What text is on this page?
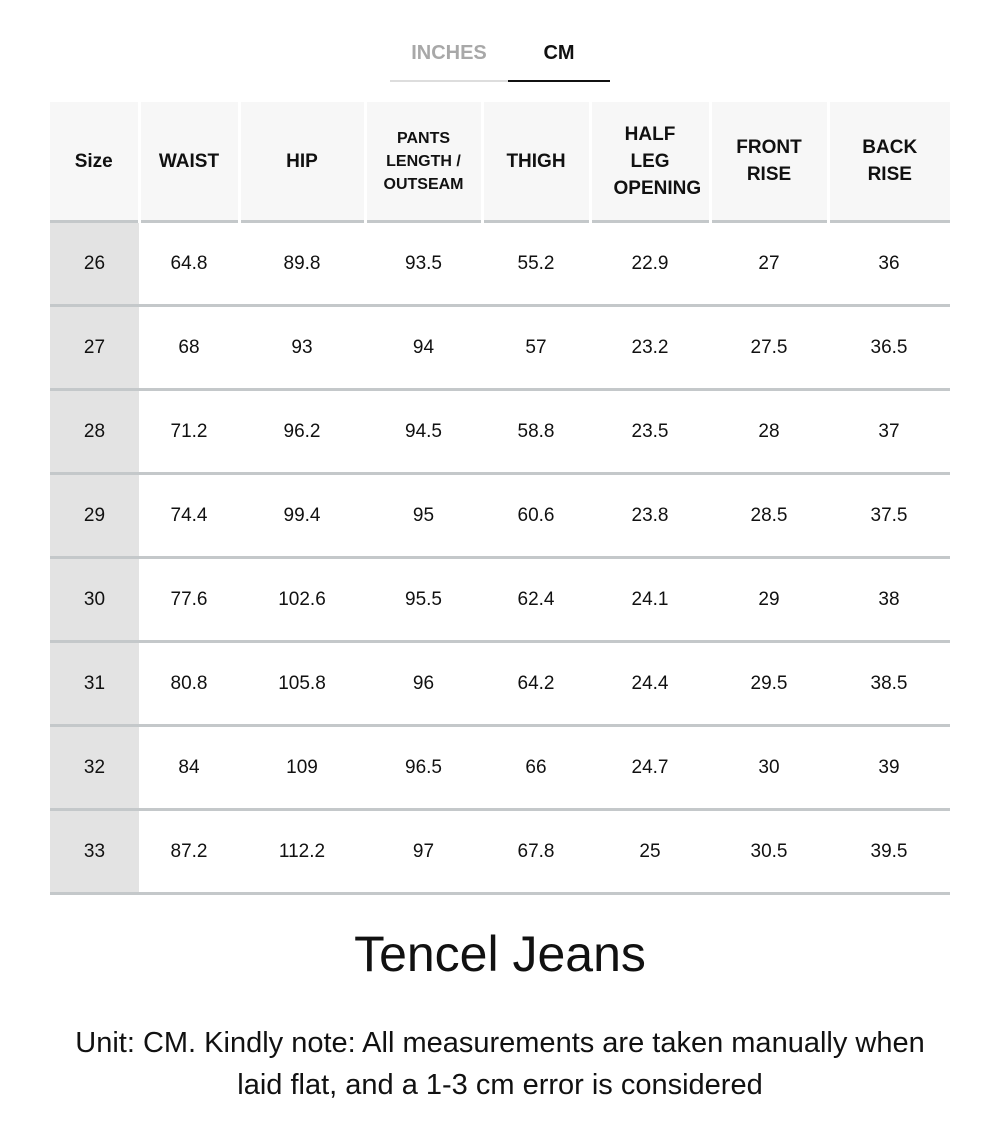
INCHES	CM
Size	WAIST	HIP	PANTS LENGTH / OUTSEAM	THIGH	HALF LEG OPENING	FRONT RISE	BACK RISE
26	64.8	89.8	93.5	55.2	22.9	27	36
27	68	93	94	57	23.2	27.5	36.5
28	71.2	96.2	94.5	58.8	23.5	28	37
29	74.4	99.4	95	60.6	23.8	28.5	37.5
30	77.6	102.6	95.5	62.4	24.1	29	38
31	80.8	105.8	96	64.2	24.4	29.5	38.5
32	84	109	96.5	66	24.7	30	39
33	87.2	112.2	97	67.8	25	30.5	39.5
Tencel Jeans
Unit: CM. Kindly note: All measurements are taken manually when laid flat, and a 1-3 cm error is considered
